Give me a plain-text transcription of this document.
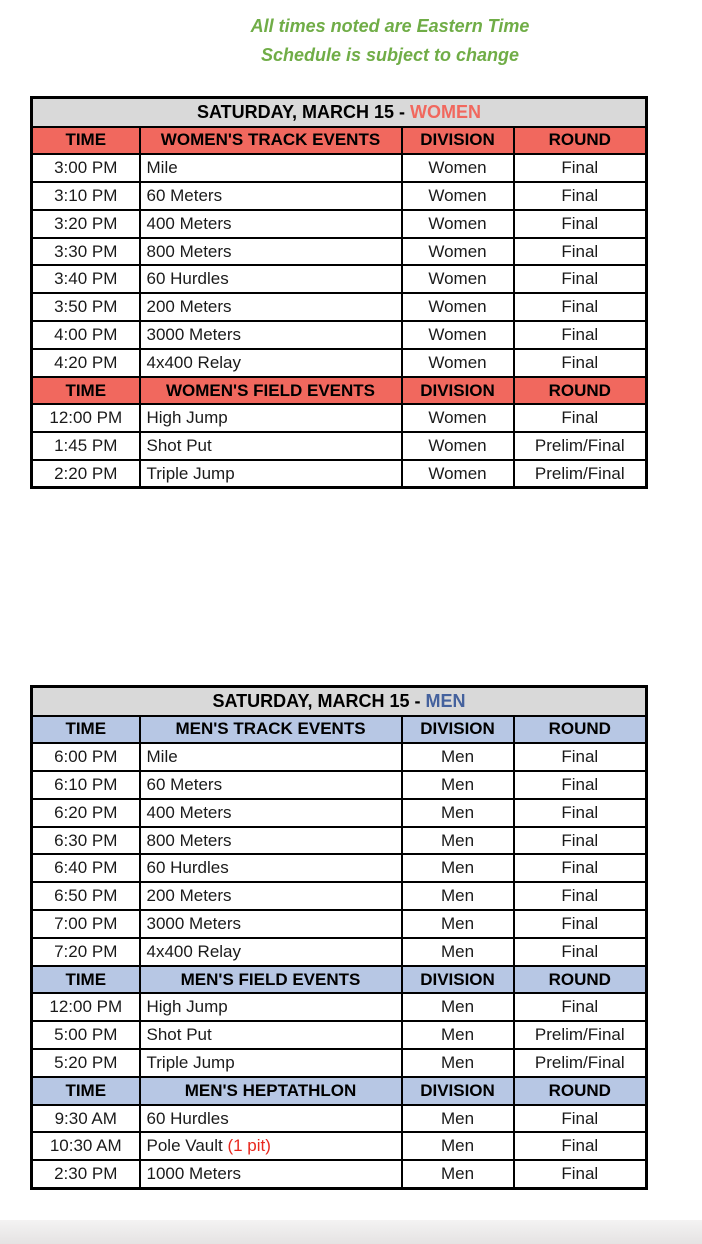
All times noted are Eastern Time
Schedule is subject to change
SATURDAY, MARCH 15 - WOMEN			
TIME	WOMEN'S TRACK EVENTS	DIVISION	ROUND
3:00 PM	Mile	Women	Final
3:10 PM	60 Meters	Women	Final
3:20 PM	400 Meters	Women	Final
3:30 PM	800 Meters	Women	Final
3:40 PM	60 Hurdles	Women	Final
3:50 PM	200 Meters	Women	Final
4:00 PM	3000 Meters	Women	Final
4:20 PM	4x400 Relay	Women	Final
TIME	WOMEN'S FIELD EVENTS	DIVISION	ROUND
12:00 PM	High Jump	Women	Final
1:45 PM	Shot Put	Women	Prelim/Final
2:20 PM	Triple Jump	Women	Prelim/Final
SATURDAY, MARCH 15 - MEN			
TIME	MEN'S TRACK EVENTS	DIVISION	ROUND
6:00 PM	Mile	Men	Final
6:10 PM	60 Meters	Men	Final
6:20 PM	400 Meters	Men	Final
6:30 PM	800 Meters	Men	Final
6:40 PM	60 Hurdles	Men	Final
6:50 PM	200 Meters	Men	Final
7:00 PM	3000 Meters	Men	Final
7:20 PM	4x400 Relay	Men	Final
TIME	MEN'S FIELD EVENTS	DIVISION	ROUND
12:00 PM	High Jump	Men	Final
5:00 PM	Shot Put	Men	Prelim/Final
5:20 PM	Triple Jump	Men	Prelim/Final
TIME	MEN'S HEPTATHLON	DIVISION	ROUND
9:30 AM	60 Hurdles	Men	Final
10:30 AM	Pole Vault (1 pit)	Men	Final
2:30 PM	1000 Meters	Men	Final
